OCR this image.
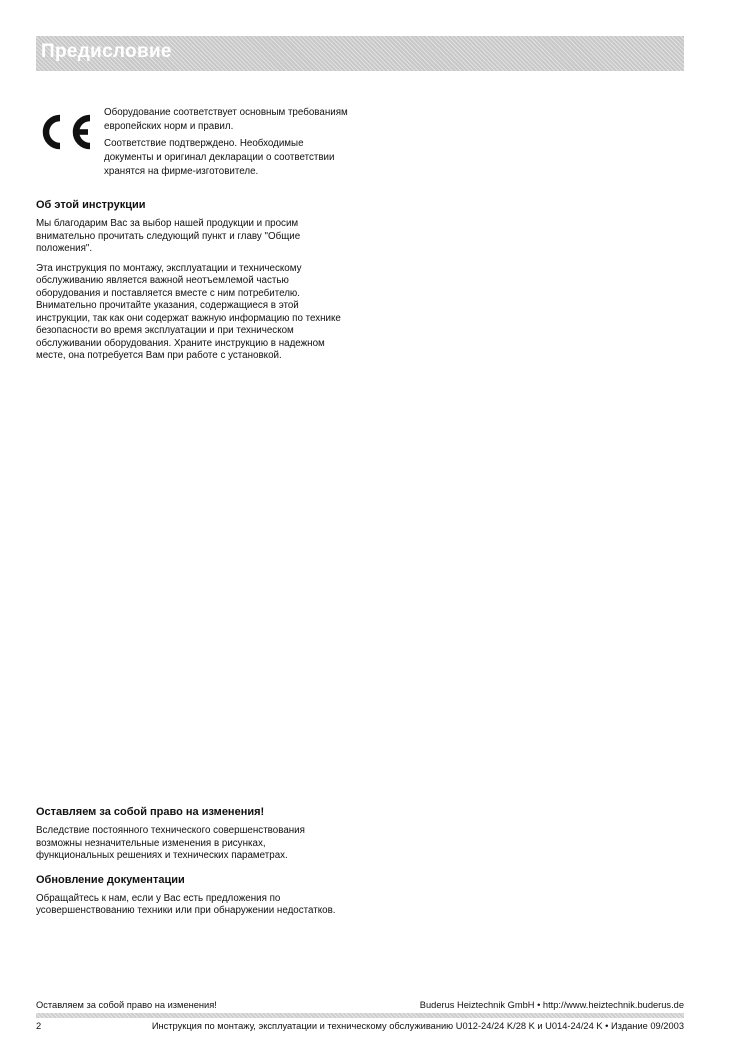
Предисловие

Оборудование соответствует основным требованиям европейских норм и правил.

Соответствие подтверждено. Необходимые документы и оригинал декларации о соответствии хранятся на фирме-изготовителе.

Об этой инструкции
Мы благодарим Вас за выбор нашей продукции и просим внимательно прочитать следующий пункт и главу "Общие положения".
Эта инструкция по монтажу, эксплуатации и техническому обслуживанию является важной неотъемлемой частью оборудования и поставляется вместе с ним потребителю. Внимательно прочитайте указания, содержащиеся в этой инструкции, так как они содержат важную информацию по технике безопасности во время эксплуатации и при техническом обслуживании оборудования. Храните инструкцию в надежном месте, она потребуется Вам при работе с установкой.
Оставляем за собой право на изменения!
Вследствие постоянного технического совершенствования возможны незначительные изменения в рисунках, функциональных решениях и технических параметрах.
Обновление документации
Обращайтесь к нам, если у Вас есть предложения по усовершенствованию техники или при обнаружении недостатков.
Оставляем за собой право на изменения!	Buderus Heiztechnik GmbH • http://www.heiztechnik.buderus.de
2	Инструкция по монтажу, эксплуатации и техническому обслуживанию U012-24/24 K/28 K и U014-24/24 K • Издание 09/2003
